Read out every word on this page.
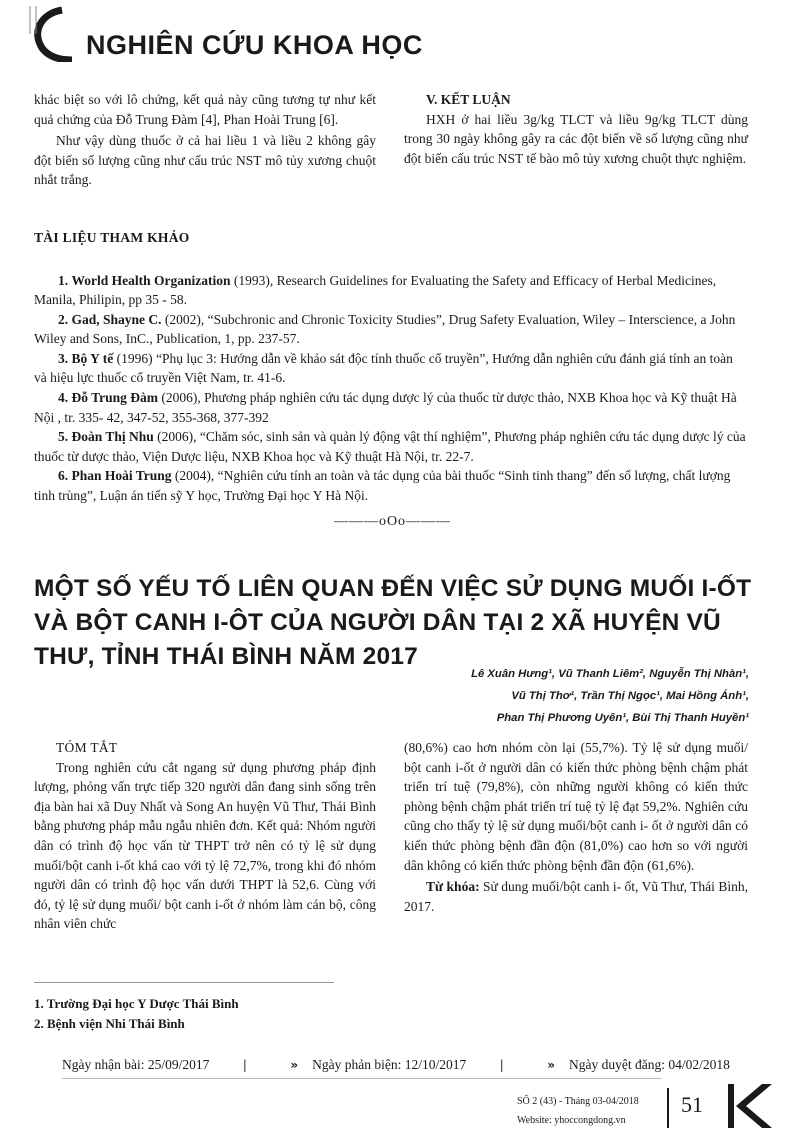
NGHIÊN CỨU KHOA HỌC

khác biệt so với lô chứng, kết quả này cũng tương tự như kết quả chứng của Đỗ Trung Đàm [4], Phan Hoài Trung [6].

Như vậy dùng thuốc ở cả hai liều 1 và liều 2 không gây đột biến số lượng cũng như cấu trúc NST mô tủy xương chuột nhắt trắng.

V. KẾT LUẬN

HXH ở hai liều 3g/kg TLCT và liều 9g/kg TLCT dùng trong 30 ngày không gây ra các đột biến về số lượng cũng như đột biến cấu trúc NST tế bào mô tủy xương chuột thực nghiệm.

TÀI LIỆU THAM KHẢO

1. World Health Organization (1993), Research Guidelines for Evaluating the Safety and Efficacy of Herbal Medicines, Manila, Philipin, pp 35 - 58.

2. Gad, Shayne C. (2002), “Subchronic and Chronic Toxicity Studies”, Drug Safety Evaluation, Wiley – Interscience, a John Wiley and Sons, InC., Publication, 1, pp. 237-57.

3. Bộ Y tế (1996) “Phụ lục 3: Hướng dẫn về khảo sát độc tính thuốc cổ truyền”, Hướng dẫn nghiên cứu đánh giá tính an toàn và hiệu lực thuốc cổ truyền Việt Nam, tr. 41-6.

4. Đỗ Trung Đàm (2006), Phương pháp nghiên cứu tác dụng dược lý của thuốc từ dược thảo, NXB Khoa học và Kỹ thuật Hà Nội , tr. 335- 42, 347-52, 355-368, 377-392

5. Đoàn Thị Nhu (2006), “Chăm sóc, sinh sản và quản lý động vật thí nghiệm”, Phương pháp nghiên cứu tác dụng dược lý của thuốc từ dược thảo, Viện Dược liệu, NXB Khoa học và Kỹ thuật Hà Nội, tr. 22-7.

6. Phan Hoài Trung (2004), “Nghiên cứu tính an toàn và tác dụng của bài thuốc “Sinh tinh thang” đến số lượng, chất lượng tinh trùng”, Luận án tiến sỹ Y học, Trường Đại học Y Hà Nội.

———oOo———
MỘT SỐ YẾU TỐ LIÊN QUAN ĐẾN VIỆC SỬ DỤNG MUỐI I-ỐT VÀ BỘT CANH I-ÔT CỦA NGƯỜI DÂN TẠI 2 XÃ HUYỆN VŨ THƯ, TỈNH THÁI BÌNH NĂM 2017
Lê Xuân Hưng¹, Vũ Thanh Liêm², Nguyễn Thị Nhàn¹,
Vũ Thị Thơ¹, Trần Thị Ngọc¹, Mai Hồng Ánh¹,
Phan Thị Phương Uyên¹, Bùi Thị Thanh Huyền¹

TÓM TẮT

Trong nghiên cứu cắt ngang sử dụng phương pháp định lượng, phỏng vấn trực tiếp 320 người dân đang sinh sống trên địa bàn hai xã Duy Nhất và Song An huyện Vũ Thư, Thái Bình bằng phương pháp mẫu ngẫu nhiên đơn. Kết quả: Nhóm người dân có trình độ học vấn từ THPT trở nên có tỷ lệ sử dụng muối/bột canh i-ốt khá cao với tỷ lệ 72,7%, trong khi đó nhóm người dân có trình độ học vấn dưới THPT là 52,6. Cùng với đó, tỷ lệ sử dụng muối/ bột canh i-ốt ở nhóm làm cán bộ, công nhân viên chức

(80,6%) cao hơn nhóm còn lại (55,7%). Tỷ lệ sử dụng muối/ bột canh i-ốt ở người dân có kiến thức phòng bệnh chậm phát triển trí tuệ (79,8%), còn những người không có kiến thức phòng bệnh chậm phát triển trí tuệ tỷ lệ đạt 59,2%. Nghiên cứu cũng cho thấy tỷ lệ sử dụng muối/bột canh i- ốt ở người dân có kiến thức phòng bệnh đần độn (81,0%) cao hơn so với người dân không có kiến thức phòng bệnh đần độn (61,6%).

Từ khóa: Sử dung muối/bột canh i- ốt, Vũ Thư, Thái Bình, 2017.

1. Trường Đại học Y Dược Thái Bình
2. Bệnh viện Nhi Thái Bình
Ngày nhận bài: 25/09/2017	|	» Ngày phản biện: 12/10/2017	|	» Ngày duyệt đăng: 04/02/2018
SỐ 2 (43) - Tháng 03-04/2018
Website: yhoccongdong.vn
51
